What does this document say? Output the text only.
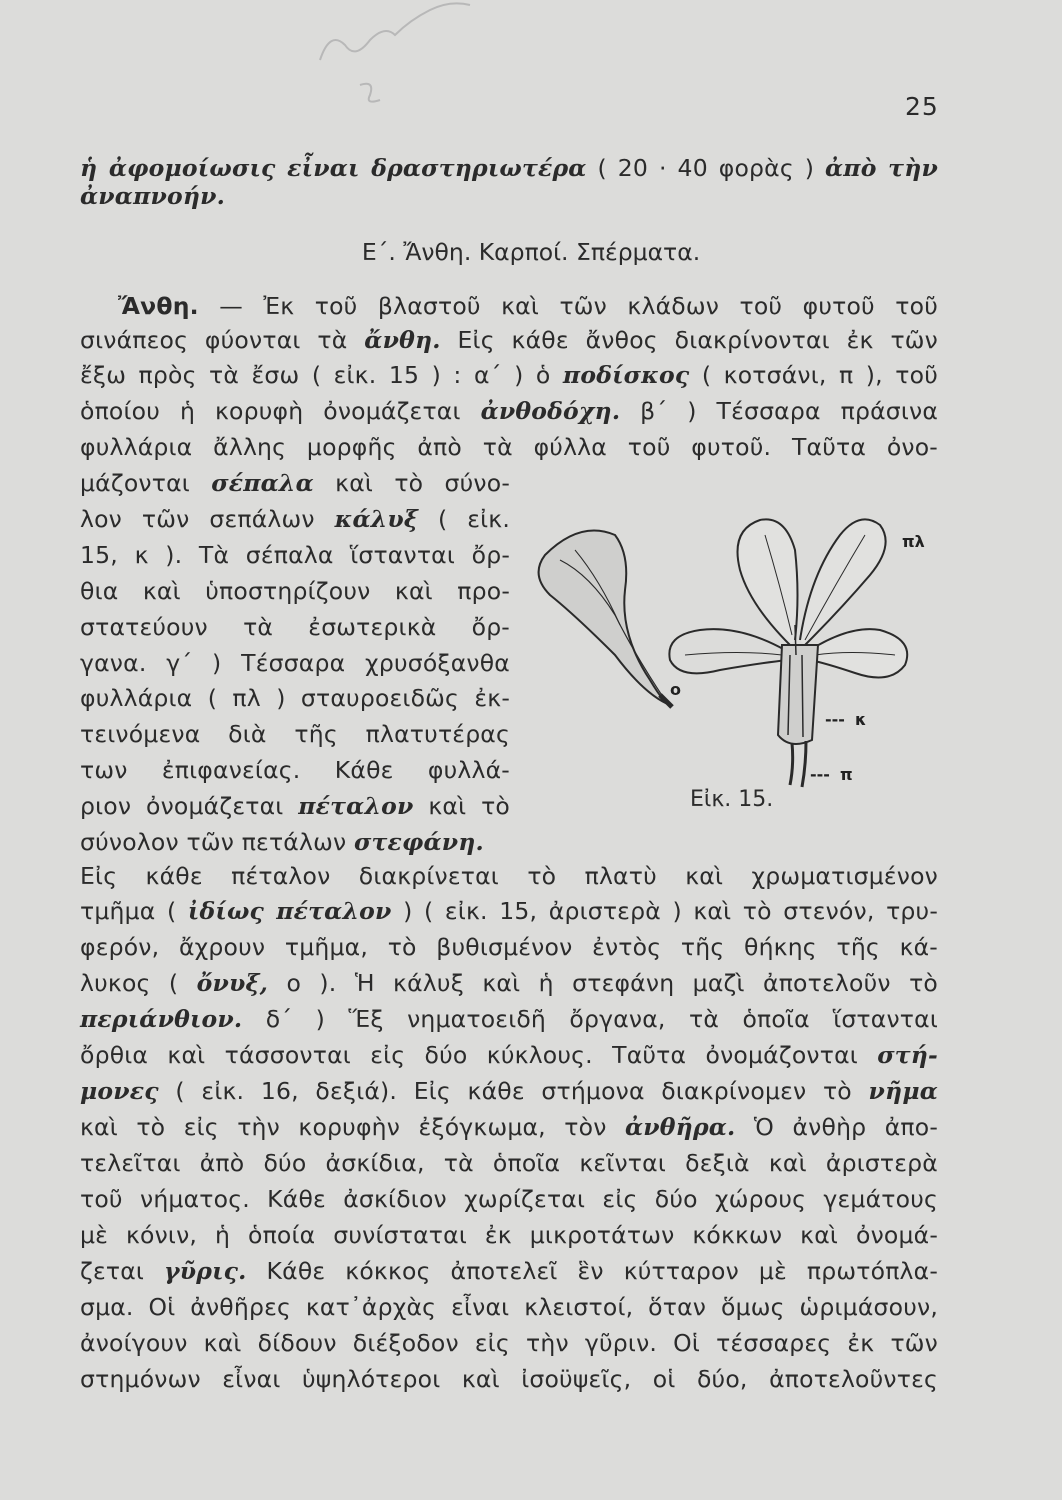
25
ἡ ἀφομοίωσις εἶναι δραστηριωτέρα ( 20 · 40 φορὰς ) ἀπὸ τὴν
ἀναπνοήν.
Ε΄. Ἄνθη. Καρποί. Σπέρματα.
Ἄνθη. — Ἐκ τοῦ βλαστοῦ καὶ τῶν κλάδων τοῦ φυτοῦ τοῦ
σινάπεος φύονται τὰ ἄνθη. Εἰς κάθε ἄνθος διακρίνονται ἐκ τῶν
ἔξω πρὸς τὰ ἔσω ( εἰκ. 15 ) : α΄ ) ὁ ποδίσκος ( κοτσάνι, π ), τοῦ
ὁποίου ἡ κορυφὴ ὀνομάζεται ἀνθοδόχη. β΄ ) Τέσσαρα πράσινα
φυλλάρια ἄλλης μορφῆς ἀπὸ τὰ φύλλα τοῦ φυτοῦ. Ταῦτα ὀνο-
μάζονται σέπαλα καὶ τὸ σύνο-
λον τῶν σεπάλων κάλυξ ( εἰκ.
15, κ ). Τὰ σέπαλα ἵστανται ὄρ-
θια καὶ ὑποστηρίζουν καὶ προ-
στατεύουν τὰ ἐσωτερικὰ ὄρ-
γανα. γ΄ ) Τέσσαρα χρυσόξανθα
φυλλάρια ( πλ ) σταυροειδῶς ἐκ-
τεινόμενα διὰ τῆς πλατυτέρας
των ἐπιφανείας. Κάθε φυλλά-
ριον ὀνομάζεται πέταλον καὶ τὸ
σύνολον τῶν πετάλων στεφάνη.
πλ
ο
--- κ
--- π
Εἰκ. 15.
Εἰς κάθε πέταλον διακρίνεται τὸ πλατὺ καὶ χρωματισμένον
τμῆμα ( ἰδίως πέταλον ) ( εἰκ. 15, ἀριστερὰ ) καὶ τὸ στενόν, τρυ-
φερόν, ἄχρουν τμῆμα, τὸ βυθισμένον ἐντὸς τῆς θήκης τῆς κά-
λυκος ( ὄνυξ, ο ). Ἡ κάλυξ καὶ ἡ στεφάνη μαζὶ ἀποτελοῦν τὸ
περιάνθιον. δ΄ ) Ἕξ νηματοειδῆ ὄργανα, τὰ ὁποῖα ἵστανται
ὄρθια καὶ τάσσονται εἰς δύο κύκλους. Ταῦτα ὀνομάζονται στή-
μονες ( εἰκ. 16, δεξιά). Εἰς κάθε στήμονα διακρίνομεν τὸ νῆμα
καὶ τὸ εἰς τὴν κορυφὴν ἐξόγκωμα, τὸν ἀνθῆρα. Ὁ ἀνθὴρ ἀπο-
τελεῖται ἀπὸ δύο ἀσκίδια, τὰ ὁποῖα κεῖνται δεξιὰ καὶ ἀριστερὰ
τοῦ νήματος. Κάθε ἀσκίδιον χωρίζεται εἰς δύο χώρους γεμάτους
μὲ κόνιν, ἡ ὁποία συνίσταται ἐκ μικροτάτων κόκκων καὶ ὀνομά-
ζεται γῦρις. Κάθε κόκκος ἀποτελεῖ ἓν κύτταρον μὲ πρωτόπλα-
σμα. Οἱ ἀνθῆρες κατ᾽ἀρχὰς εἶναι κλειστοί, ὅταν ὅμως ὡριμάσουν,
ἀνοίγουν καὶ δίδουν διέξοδον εἰς τὴν γῦριν. Οἱ τέσσαρες ἐκ τῶν
στημόνων εἶναι ὑψηλότεροι καὶ ἰσοϋψεῖς, οἱ δύο, ἀποτελοῦντες
